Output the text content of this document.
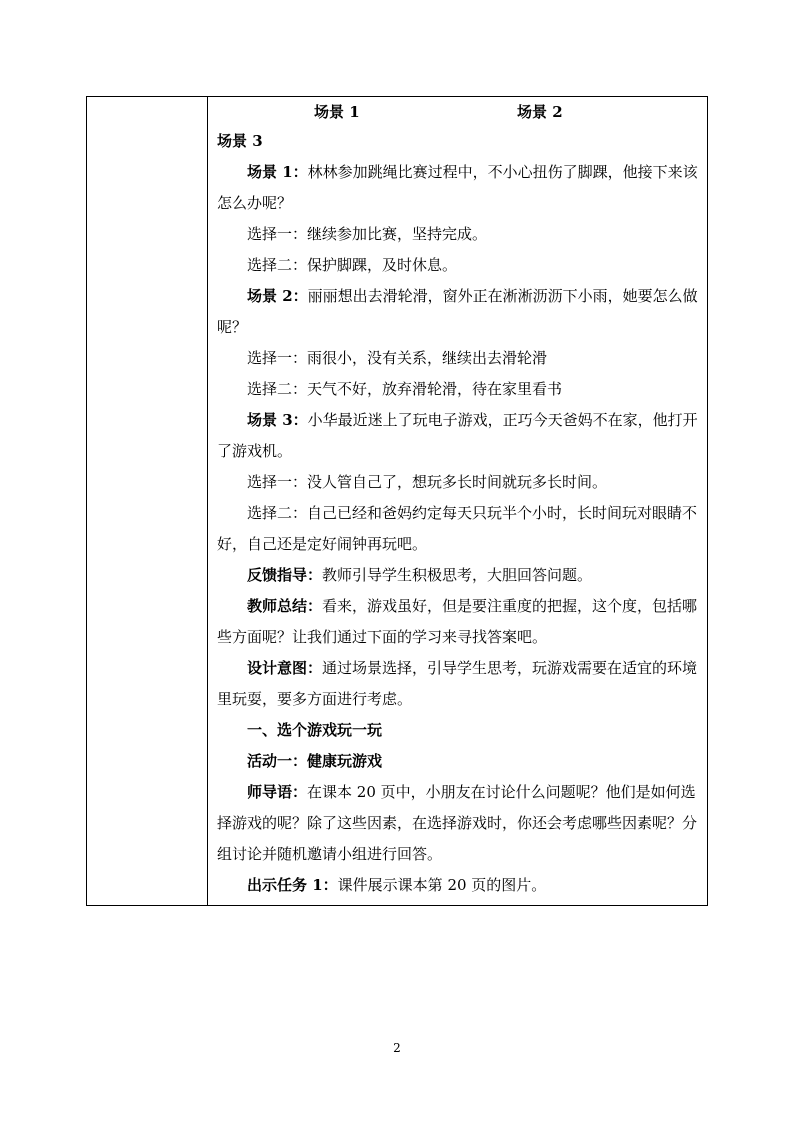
场景 1	场景 2

场景 3

场景 1：林林参加跳绳比赛过程中，不小心扭伤了脚踝，他接下来该怎么办呢？

选择一：继续参加比赛，坚持完成。

选择二：保护脚踝，及时休息。

场景 2：丽丽想出去滑轮滑，窗外正在淅淅沥沥下小雨，她要怎么做呢？

选择一：雨很小，没有关系，继续出去滑轮滑

选择二：天气不好，放弃滑轮滑，待在家里看书

场景 3：小华最近迷上了玩电子游戏，正巧今天爸妈不在家，他打开了游戏机。

选择一：没人管自己了，想玩多长时间就玩多长时间。

选择二：自己已经和爸妈约定每天只玩半个小时，长时间玩对眼睛不好，自己还是定好闹钟再玩吧。

反馈指导：教师引导学生积极思考，大胆回答问题。

教师总结：看来，游戏虽好，但是要注重度的把握，这个度，包括哪些方面呢？让我们通过下面的学习来寻找答案吧。

设计意图：通过场景选择，引导学生思考，玩游戏需要在适宜的环境里玩耍，要多方面进行考虑。

一、选个游戏玩一玩

活动一：健康玩游戏

师导语：在课本 20 页中，小朋友在讨论什么问题呢？他们是如何选择游戏的呢？除了这些因素，在选择游戏时，你还会考虑哪些因素呢？分组讨论并随机邀请小组进行回答。

出示任务 1：课件展示课本第 20 页的图片。

2
